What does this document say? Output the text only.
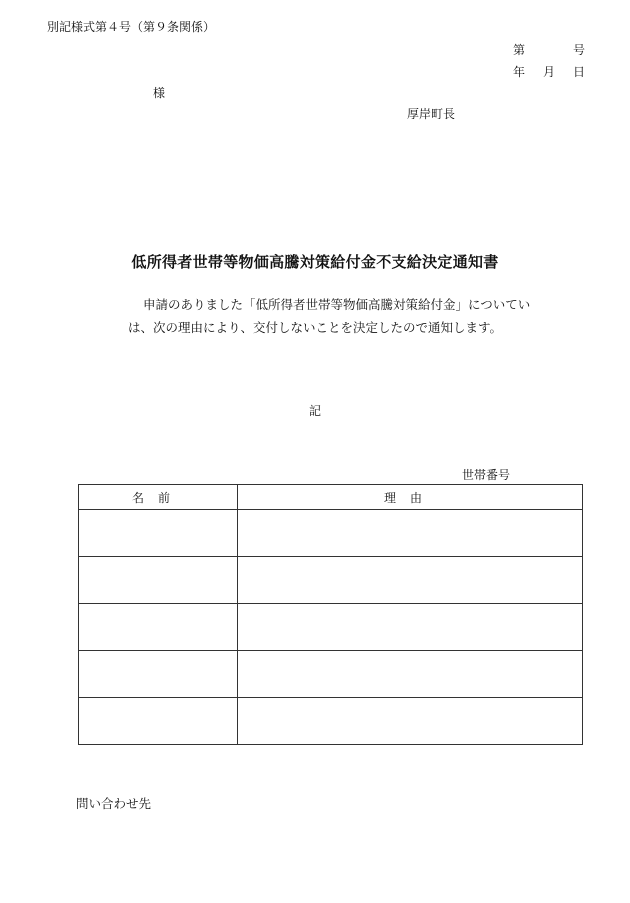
別記様式第４号（第９条関係）
第	号
年 月 日
様
厚岸町長
低所得者世帯等物価高騰対策給付金不支給決定通知書
申請のありました「低所得者世帯等物価高騰対策給付金」についてい
は、次の理由により、交付しないことを決定したので通知します。
記
世帯番号
名前	理由

問い合わせ先
